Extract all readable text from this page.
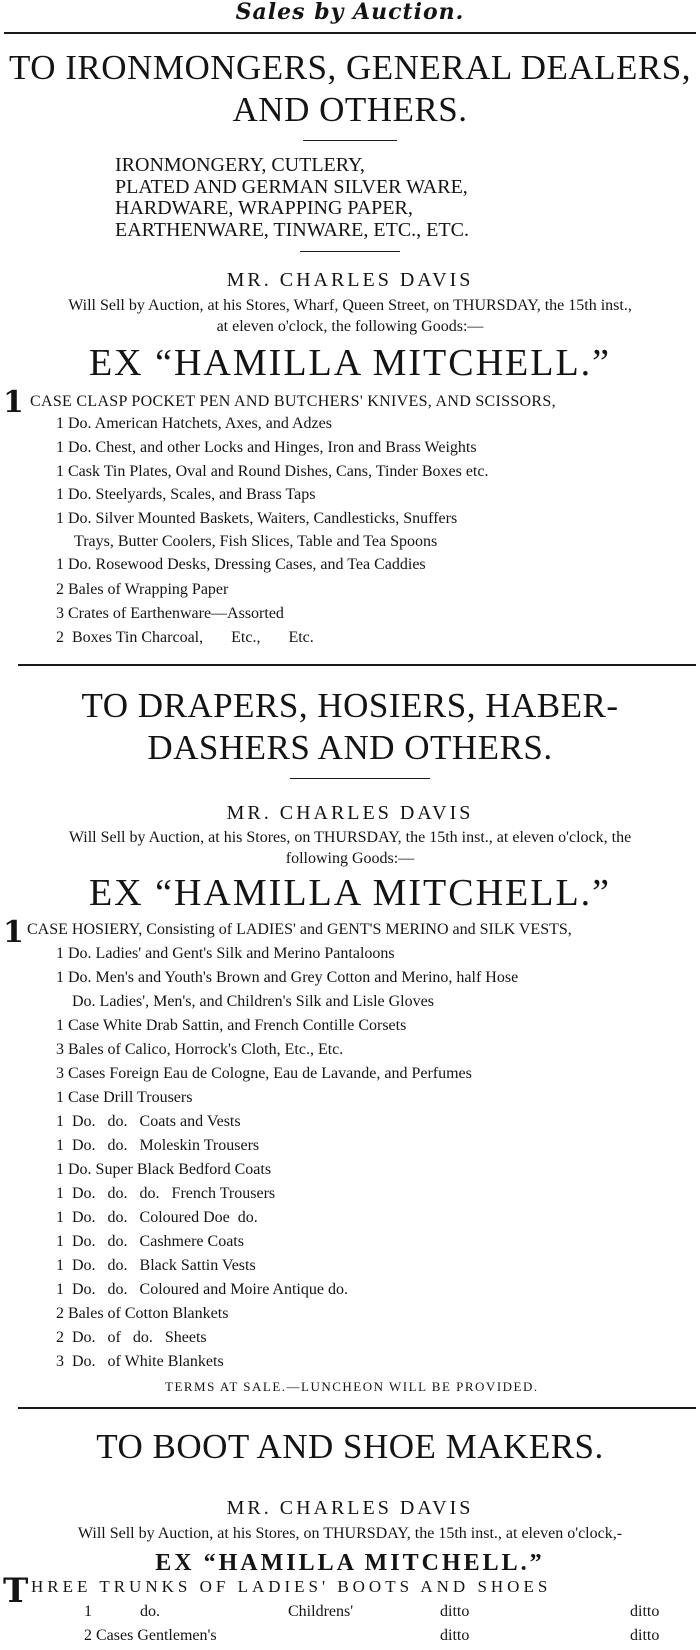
Sales by Auction.
TO IRONMONGERS, GENERAL DEALERS,
AND OTHERS.
IRONMONGERY, CUTLERY,
PLATED AND GERMAN SILVER WARE,
HARDWARE, WRAPPING PAPER,
EARTHENWARE, TINWARE, ETC., ETC.
MR. CHARLES DAVIS
Will Sell by Auction, at his Stores, Wharf, Queen Street, on THURSDAY, the 15th inst.,
at eleven o'clock, the following Goods:—
EX “HAMILLA MITCHELL.”
1 CASE CLASP POCKET PEN AND BUTCHERS' KNIVES, AND SCISSORS,
1 Do. American Hatchets, Axes, and Adzes
1 Do. Chest, and other Locks and Hinges, Iron and Brass Weights
1 Cask Tin Plates, Oval and Round Dishes, Cans, Tinder Boxes etc.
1 Do. Steelyards, Scales, and Brass Taps
1 Do. Silver Mounted Baskets, Waiters, Candlesticks, Snuffers
Trays, Butter Coolers, Fish Slices, Table and Tea Spoons
1 Do. Rosewood Desks, Dressing Cases, and Tea Caddies
2 Bales of Wrapping Paper
3 Crates of Earthenware—Assorted
2  Boxes Tin Charcoal,       Etc.,       Etc.
TO DRAPERS, HOSIERS, HABER-
DASHERS AND OTHERS.
MR. CHARLES DAVIS
Will Sell by Auction, at his Stores, on THURSDAY, the 15th inst., at eleven o'clock, the
following Goods:—
EX “HAMILLA MITCHELL.”
1 CASE HOSIERY, Consisting of LADIES' and GENT'S MERINO and SILK VESTS,
1 Do. Ladies' and Gent's Silk and Merino Pantaloons
1 Do. Men's and Youth's Brown and Grey Cotton and Merino, half Hose
Do. Ladies', Men's, and Children's Silk and Lisle Gloves
1 Case White Drab Sattin, and French Contille Corsets
3 Bales of Calico, Horrock's Cloth, Etc., Etc.
3 Cases Foreign Eau de Cologne, Eau de Lavande, and Perfumes
1 Case Drill Trousers
1  Do.   do.   Coats and Vests
1  Do.   do.   Moleskin Trousers
1 Do. Super Black Bedford Coats
1  Do.   do.   do.   French Trousers
1  Do.   do.   Coloured Doe  do.
1  Do.   do.   Cashmere Coats
1  Do.   do.   Black Sattin Vests
1  Do.   do.   Coloured and Moire Antique do.
2 Bales of Cotton Blankets
2  Do.   of   do.   Sheets
3  Do.   of White Blankets
TERMS AT SALE.—LUNCHEON WILL BE PROVIDED.
TO BOOT AND SHOE MAKERS.
MR. CHARLES DAVIS
Will Sell by Auction, at his Stores, on THURSDAY, the 15th inst., at eleven o'clock,-
EX “HAMILLA MITCHELL.”
T HREE TRUNKS OF LADIES' BOOTS AND SHOES
1	do.	Childrens'	ditto	ditto
2 Cases Gentlemen's	ditto	ditto
